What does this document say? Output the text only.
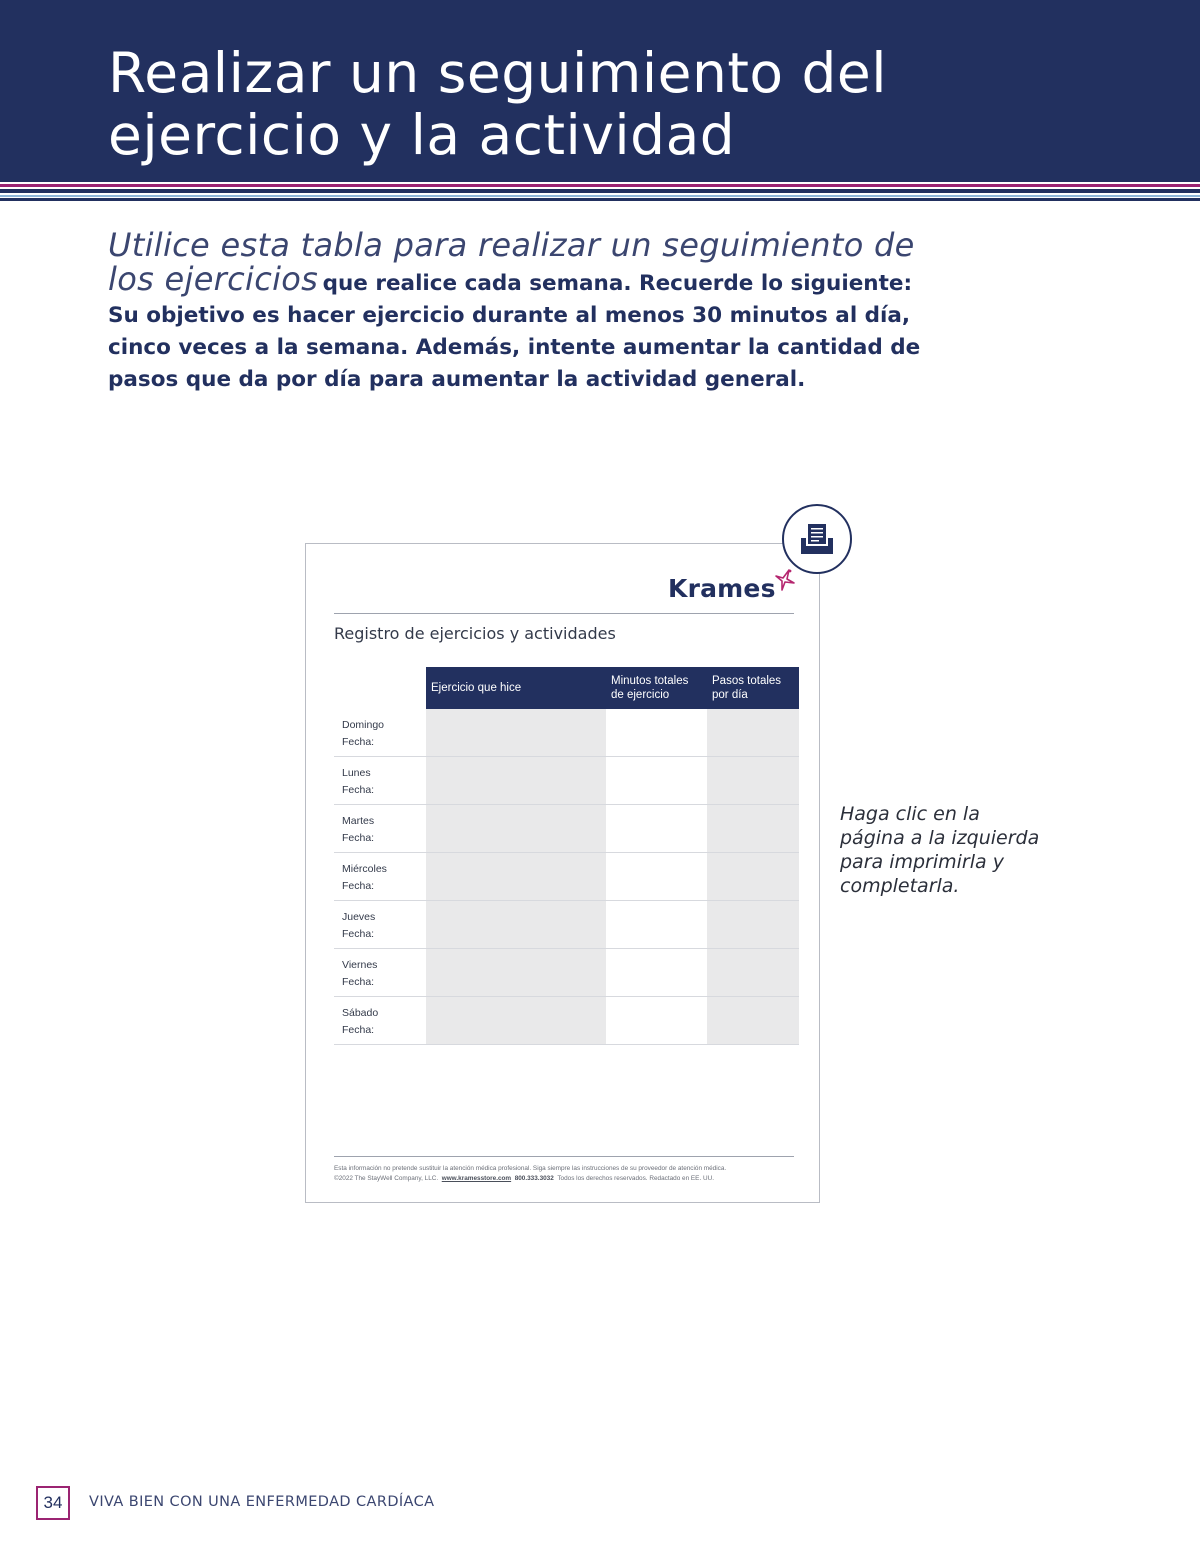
Realizar un seguimiento del
ejercicio y la actividad

Utilice esta tabla para realizar un seguimiento de
los ejercicios que realice cada semana. Recuerde lo siguiente: Su objetivo es hacer ejercicio durante al menos 30 minutos al día, cinco veces a la semana. Además, intente aumentar la cantidad de pasos que da por día para aumentar la actividad general.

Krames
Registro de ejercicios y actividades
	Ejercicio que hice	Minutos totales de ejercicio	Pasos totales por día
Domingo
Fecha:			
Lunes
Fecha:			
Martes
Fecha:			
Miércoles
Fecha:			
Jueves
Fecha:			
Viernes
Fecha:			
Sábado
Fecha:			
Esta información no pretende sustituir la atención médica profesional. Siga siempre las instrucciones de su proveedor de atención médica.
©2022 The StayWell Company, LLC. www.kramesstore.com 800.333.3032 Todos los derechos reservados. Redactado en EE. UU.

Haga clic en la página a la izquierda para imprimirla y completarla.

34	VIVA BIEN CON UNA ENFERMEDAD CARDÍACA
